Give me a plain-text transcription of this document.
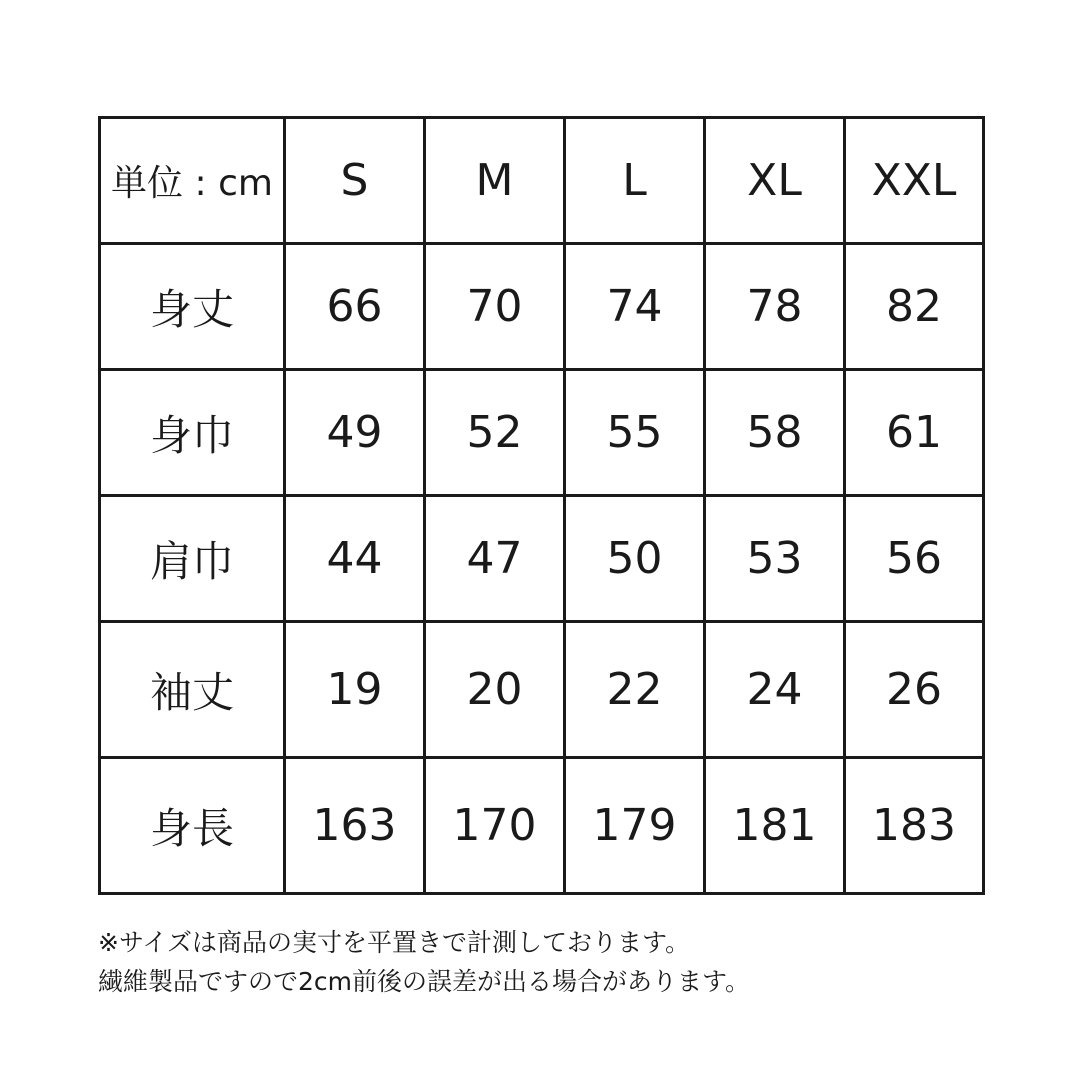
単位 : cm	S	M	L	XL	XXL
身丈	66	70	74	78	82
身巾	49	52	55	58	61
肩巾	44	47	50	53	56
袖丈	19	20	22	24	26
身長	163	170	179	181	183
※サイズは商品の実寸を平置きで計測しております。
繊維製品ですので2cm前後の誤差が出る場合があります。
